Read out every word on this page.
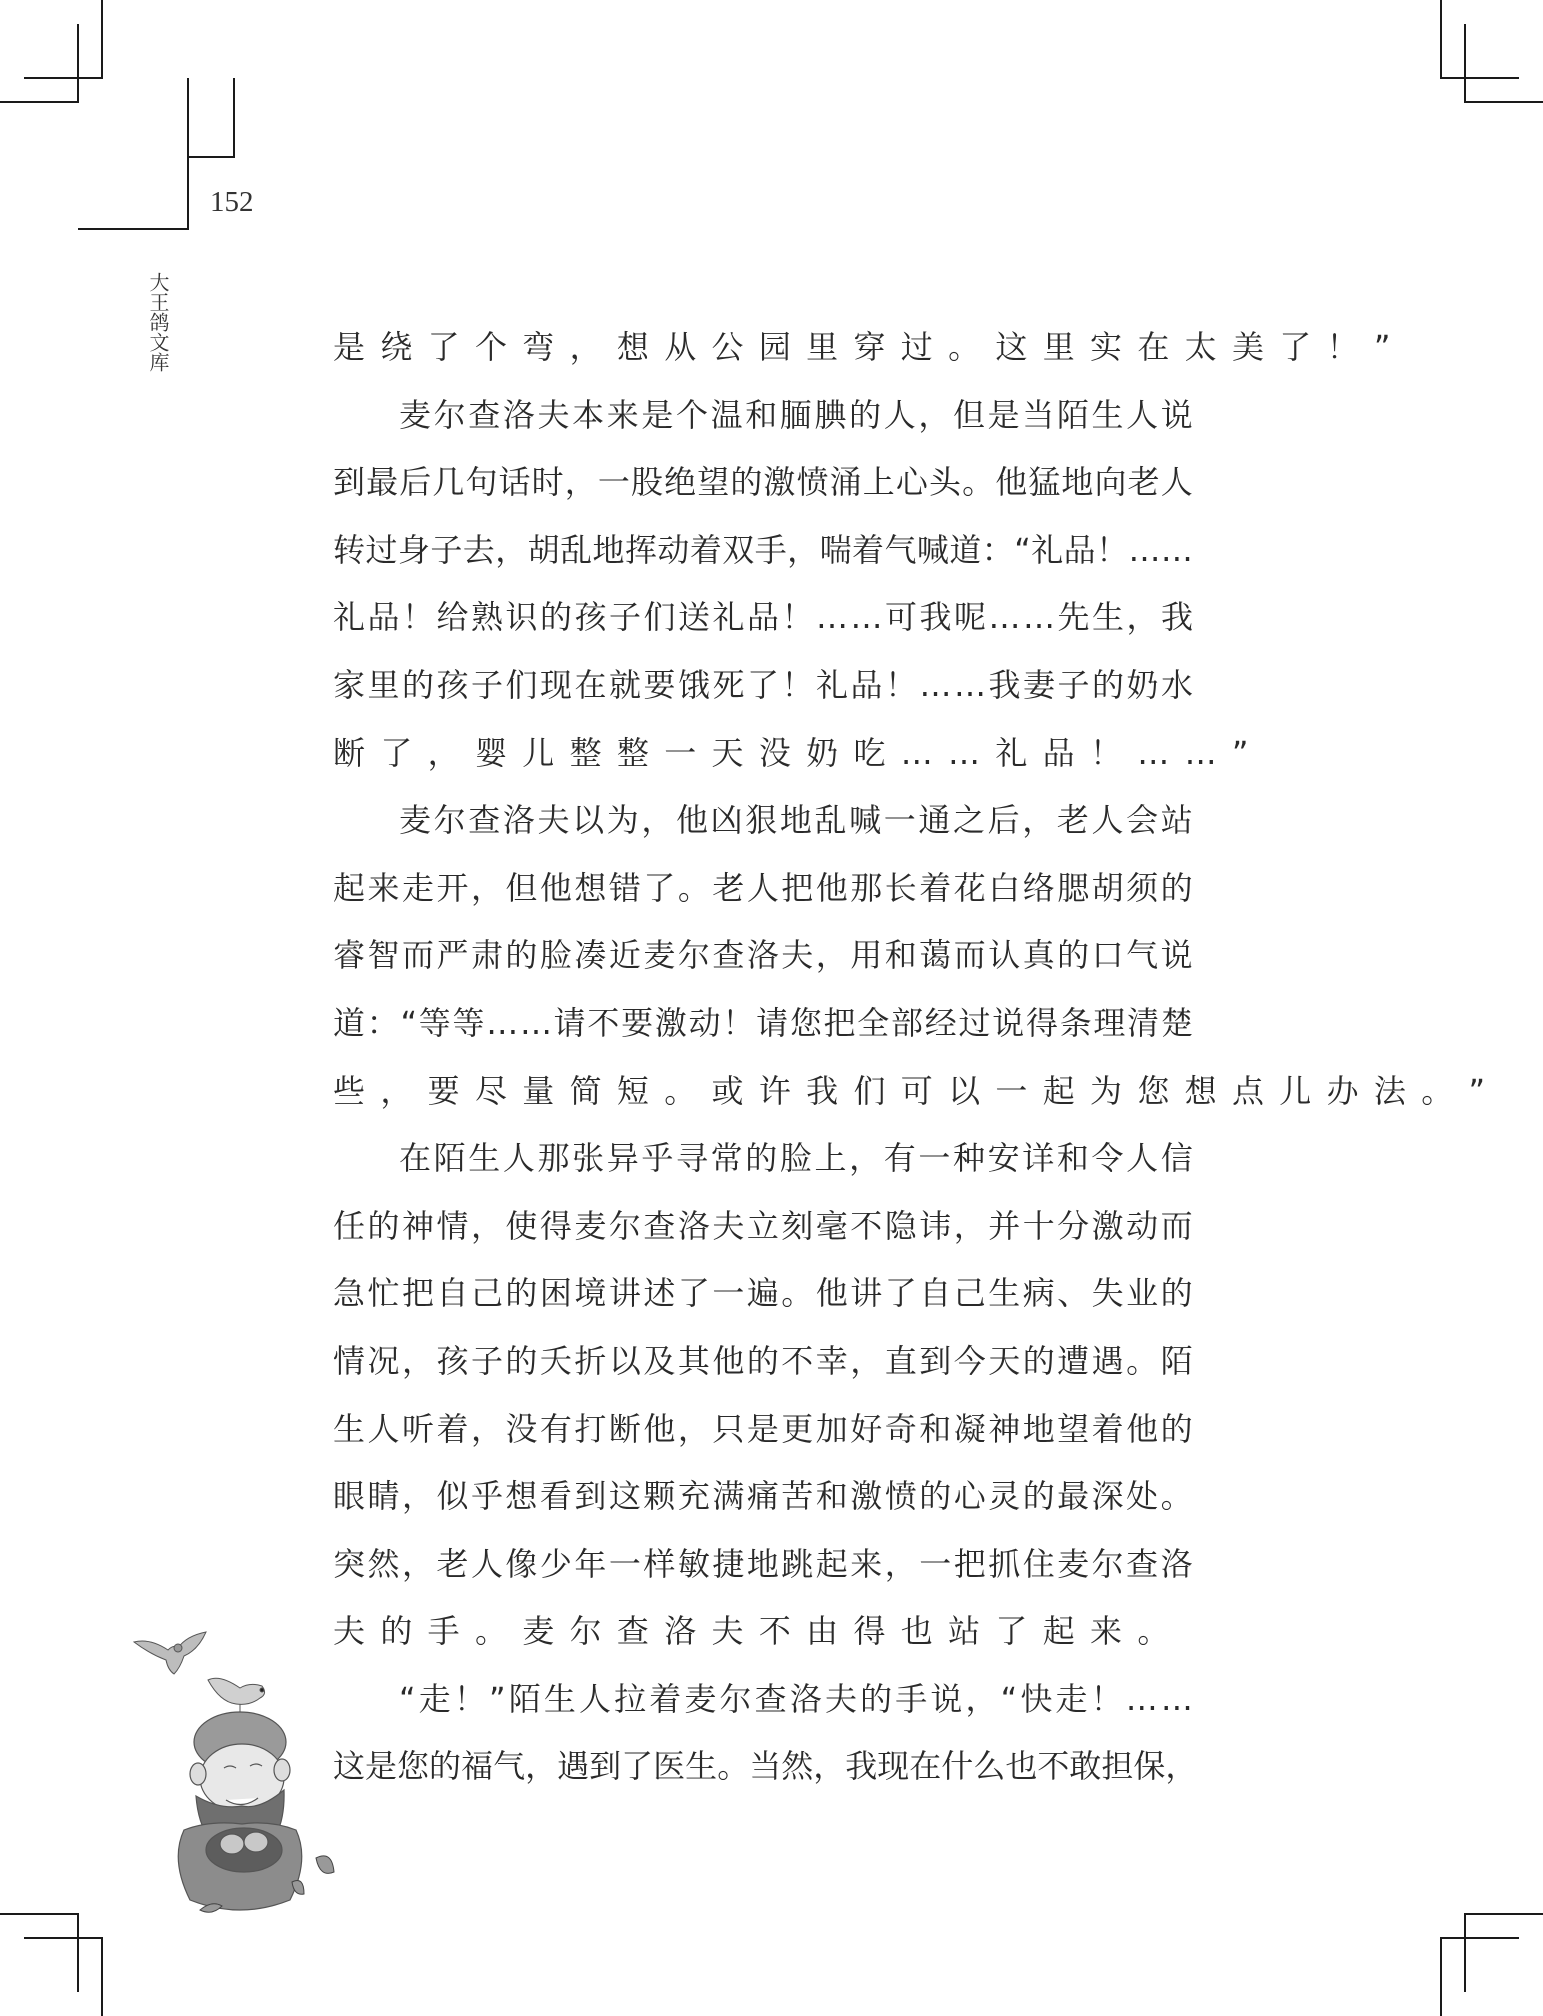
152
大王鸽文库	是 绕 了 个 弯 ， 想 从 公 园 里 穿 过 。 这 里 实 在 太 美 了 ！ ”
麦 尔 查 洛 夫 本 来 是 个 温 和 腼 腆 的 人 ， 但 是 当 陌 生 人 说
到 最 后 几 句 话 时 ， 一 股 绝 望 的 激 愤 涌 上 心 头 。 他 猛 地 向 老 人
转 过 身 子 去 ， 胡 乱 地 挥 动 着 双 手 ， 喘 着 气 喊 道 ： “ 礼 品 ！ … …
礼 品 ！ 给 熟 识 的 孩 子 们 送 礼 品 ！ … … 可 我 呢 … … 先 生 ， 我
家 里 的 孩 子 们 现 在 就 要 饿 死 了 ！ 礼 品 ！ … … 我 妻 子 的 奶 水
断 了 ， 婴 儿 整 整 一 天 没 奶 吃 … … 礼 品 ！ … … ”
麦 尔 查 洛 夫 以 为 ， 他 凶 狠 地 乱 喊 一 通 之 后 ， 老 人 会 站
起 来 走 开 ， 但 他 想 错 了 。 老 人 把 他 那 长 着 花 白 络 腮 胡 须 的
睿 智 而 严 肃 的 脸 凑 近 麦 尔 查 洛 夫 ， 用 和 蔼 而 认 真 的 口 气 说
道 ： “ 等 等 … … 请 不 要 激 动 ！ 请 您 把 全 部 经 过 说 得 条 理 清 楚
些 ， 要 尽 量 简 短 。 或 许 我 们 可 以 一 起 为 您 想 点 儿 办 法 。 ”
在 陌 生 人 那 张 异 乎 寻 常 的 脸 上 ， 有 一 种 安 详 和 令 人 信
任 的 神 情 ， 使 得 麦 尔 查 洛 夫 立 刻 毫 不 隐 讳 ， 并 十 分 激 动 而
急 忙 把 自 己 的 困 境 讲 述 了 一 遍 。 他 讲 了 自 己 生 病 、 失 业 的
情 况 ， 孩 子 的 夭 折 以 及 其 他 的 不 幸 ， 直 到 今 天 的 遭 遇 。 陌
生 人 听 着 ， 没 有 打 断 他 ， 只 是 更 加 好 奇 和 凝 神 地 望 着 他 的
眼 睛 ， 似 乎 想 看 到 这 颗 充 满 痛 苦 和 激 愤 的 心 灵 的 最 深 处 。
突 然 ， 老 人 像 少 年 一 样 敏 捷 地 跳 起 来 ， 一 把 抓 住 麦 尔 查 洛
夫 的 手 。 麦 尔 查 洛 夫 不 由 得 也 站 了 起 来 。
“ 走 ！ ” 陌 生 人 拉 着 麦 尔 查 洛 夫 的 手 说 ， “ 快 走 ！ … …
这 是 您 的 福 气 ， 遇 到 了 医 生 。 当 然 ， 我 现 在 什 么 也 不 敢 担 保 ，
